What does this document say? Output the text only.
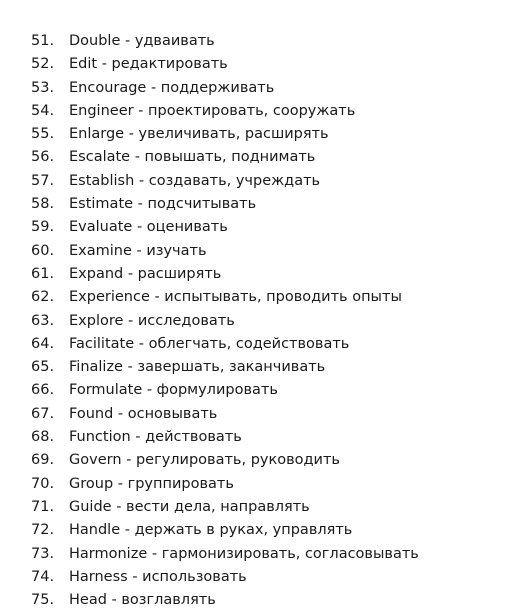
51. Double - удваивать
52. Edit - редактировать
53. Encourage - поддерживать
54. Engineer - проектировать, сооружать
55. Enlarge - увеличивать, расширять
56. Escalate - повышать, поднимать
57. Establish - создавать, учреждать
58. Estimate - подсчитывать
59. Evaluate - оценивать
60. Examine - изучать
61. Expand - расширять
62. Experience - испытывать, проводить опыты
63. Explore - исследовать
64. Facilitate - облегчать, содействовать
65. Finalize - завершать, заканчивать
66. Formulate - формулировать
67. Found - основывать
68. Function - действовать
69. Govern - регулировать, руководить
70. Group - группировать
71. Guide - вести дела, направлять
72. Handle - держать в руках, управлять
73. Harmonize - гармонизировать, согласовывать
74. Harness - использовать
75. Head - возглавлять
